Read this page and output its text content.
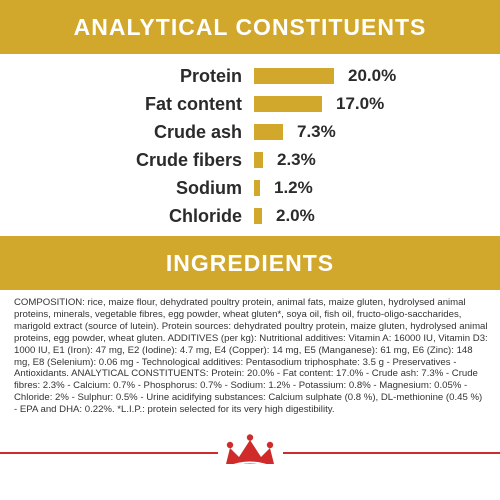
ANALYTICAL CONSTITUENTS
Protein	20.0%
Fat content	17.0%
Crude ash	7.3%
Crude fibers 2.3%
Sodium 1.2%
Chloride 2.0%
INGREDIENTS

COMPOSITION: rice, maize flour, dehydrated poultry protein, animal fats, maize gluten, hydrolysed animal proteins, minerals, vegetable fibres, egg powder, wheat gluten*, soya oil, fish oil, fructo-oligo-saccharides, marigold extract (source of lutein). Protein sources: dehydrated poultry protein, maize gluten, hydrolysed animal proteins, egg powder, wheat gluten. ADDITIVES (per kg): Nutritional additives: Vitamin A: 16000 IU, Vitamin D3: 1000 IU, E1 (Iron): 47 mg, E2 (Iodine): 4.7 mg, E4 (Copper): 14 mg, E5 (Manganese): 61 mg, E6 (Zinc): 148 mg, E8 (Selenium): 0.06 mg - Technological additives: Pentasodium triphosphate: 3.5 g - Preservatives - Antioxidants. ANALYTICAL CONSTITUENTS: Protein: 20.0% - Fat content: 17.0% - Crude ash: 7.3% - Crude fibres: 2.3% - Calcium: 0.7% - Phosphorus: 0.7% - Sodium: 1.2% - Potassium: 0.8% - Magnesium: 0.05% - Chloride: 2% - Sulphur: 0.5% - Urine acidifying substances: Calcium sulphate (0.8 %), DL-methionine (0.45 %) - EPA and DHA: 0.22%. *L.I.P.: protein selected for its very high digestibility.
